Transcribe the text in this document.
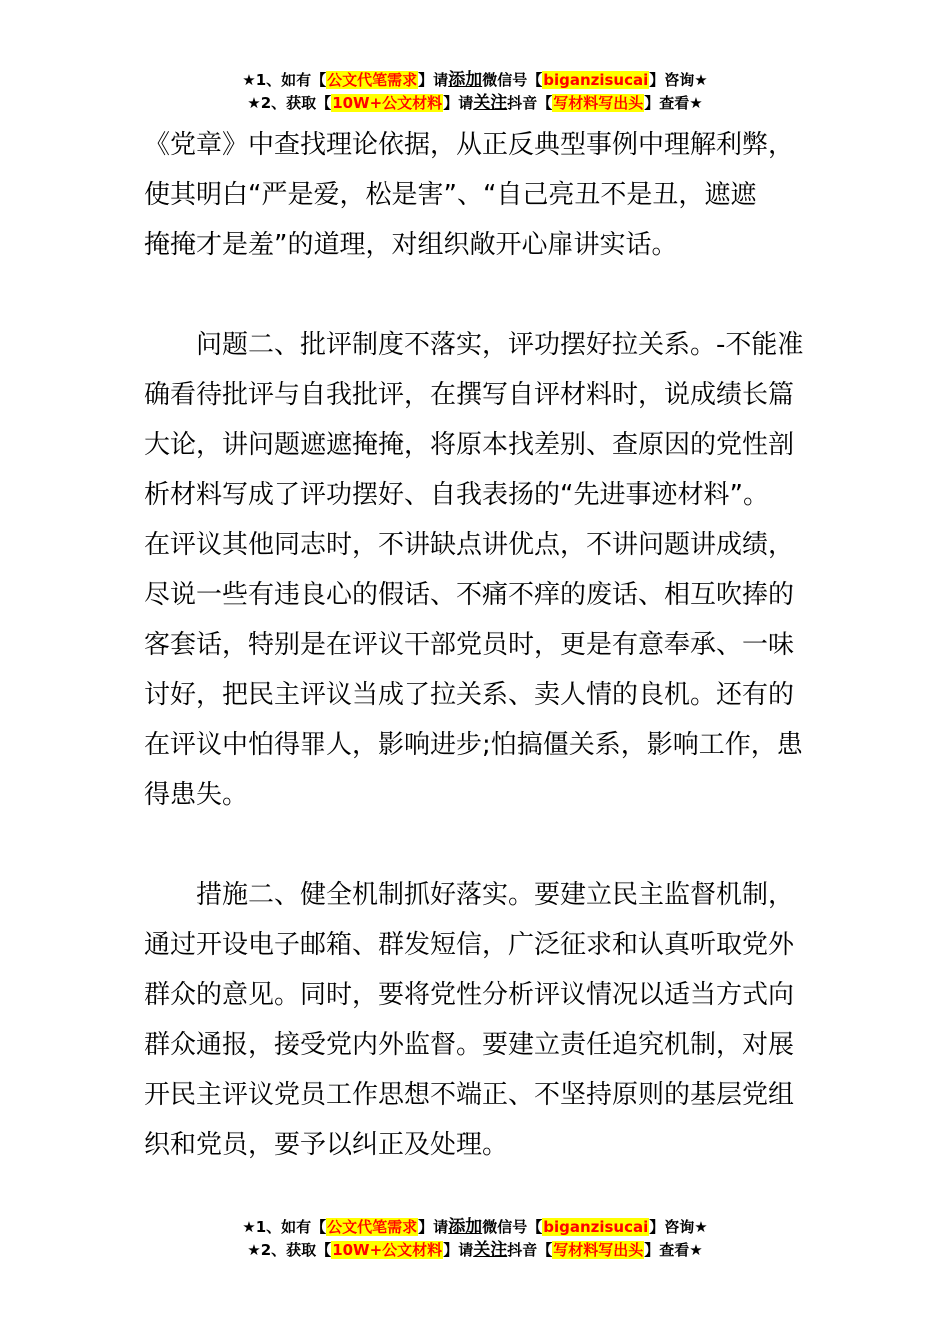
★1、如有【公文代笔需求】请添加微信号【biganzisucai】咨询★
★2、获取【10W+公文材料】请关注抖音【写材料写出头】查看★

《党章》中查找理论依据，从正反典型事例中理解利弊，
使其明白“严是爱，松是害”、“自己亮丑不是丑，遮遮
掩掩才是羞”的道理，对组织敞开心扉讲实话。

问题二、批评制度不落实，评功摆好拉关系。-不能准
确看待批评与自我批评，在撰写自评材料时，说成绩长篇
大论，讲问题遮遮掩掩，将原本找差别、查原因的党性剖
析材料写成了评功摆好、自我表扬的“先进事迹材料”。
在评议其他同志时，不讲缺点讲优点，不讲问题讲成绩，
尽说一些有违良心的假话、不痛不痒的废话、相互吹捧的
客套话，特别是在评议干部党员时，更是有意奉承、一味
讨好，把民主评议当成了拉关系、卖人情的良机。还有的
在评议中怕得罪人，影响进步;怕搞僵关系，影响工作，患
得患失。

措施二、健全机制抓好落实。要建立民主监督机制，
通过开设电子邮箱、群发短信，广泛征求和认真听取党外
群众的意见。同时，要将党性分析评议情况以适当方式向
群众通报，接受党内外监督。要建立责任追究机制，对展
开民主评议党员工作思想不端正、不坚持原则的基层党组
织和党员，要予以纠正及处理。

★1、如有【公文代笔需求】请添加微信号【biganzisucai】咨询★
★2、获取【10W+公文材料】请关注抖音【写材料写出头】查看★
